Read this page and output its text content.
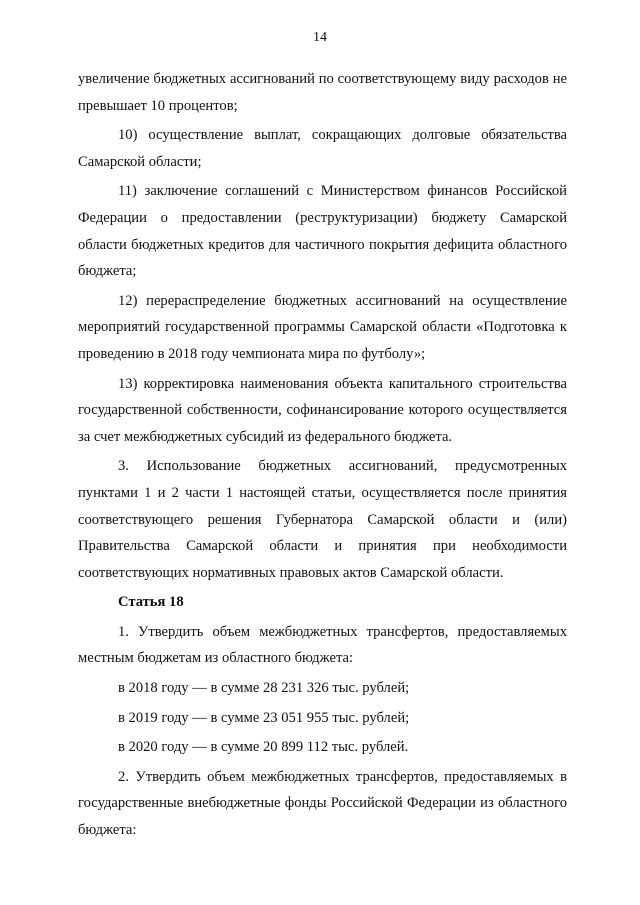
14

увеличение бюджетных ассигнований по соответствующему виду расходов не превышает 10 процентов;

10) осуществление выплат, сокращающих долговые обязательства Самарской области;

11) заключение соглашений с Министерством финансов Российской Федерации о предоставлении (реструктуризации) бюджету Самарской области бюджетных кредитов для частичного покрытия дефицита областного бюджета;

12) перераспределение бюджетных ассигнований на осуществление мероприятий государственной программы Самарской области «Подготовка к проведению в 2018 году чемпионата мира по футболу»;

13) корректировка наименования объекта капитального строительства государственной собственности, софинансирование которого осуществляется за счет межбюджетных субсидий из федерального бюджета.

3. Использование бюджетных ассигнований, предусмотренных пунктами 1 и 2 части 1 настоящей статьи, осуществляется после принятия соответствующего решения Губернатора Самарской области и (или) Правительства Самарской области и принятия при необходимости соответствующих нормативных правовых актов Самарской области.

Статья 18

1. Утвердить объем межбюджетных трансфертов, предоставляемых местным бюджетам из областного бюджета:

в 2018 году — в сумме 28 231 326 тыс. рублей;

в 2019 году — в сумме 23 051 955 тыс. рублей;

в 2020 году — в сумме 20 899 112 тыс. рублей.

2. Утвердить объем межбюджетных трансфертов, предоставляемых в государственные внебюджетные фонды Российской Федерации из областного бюджета:
